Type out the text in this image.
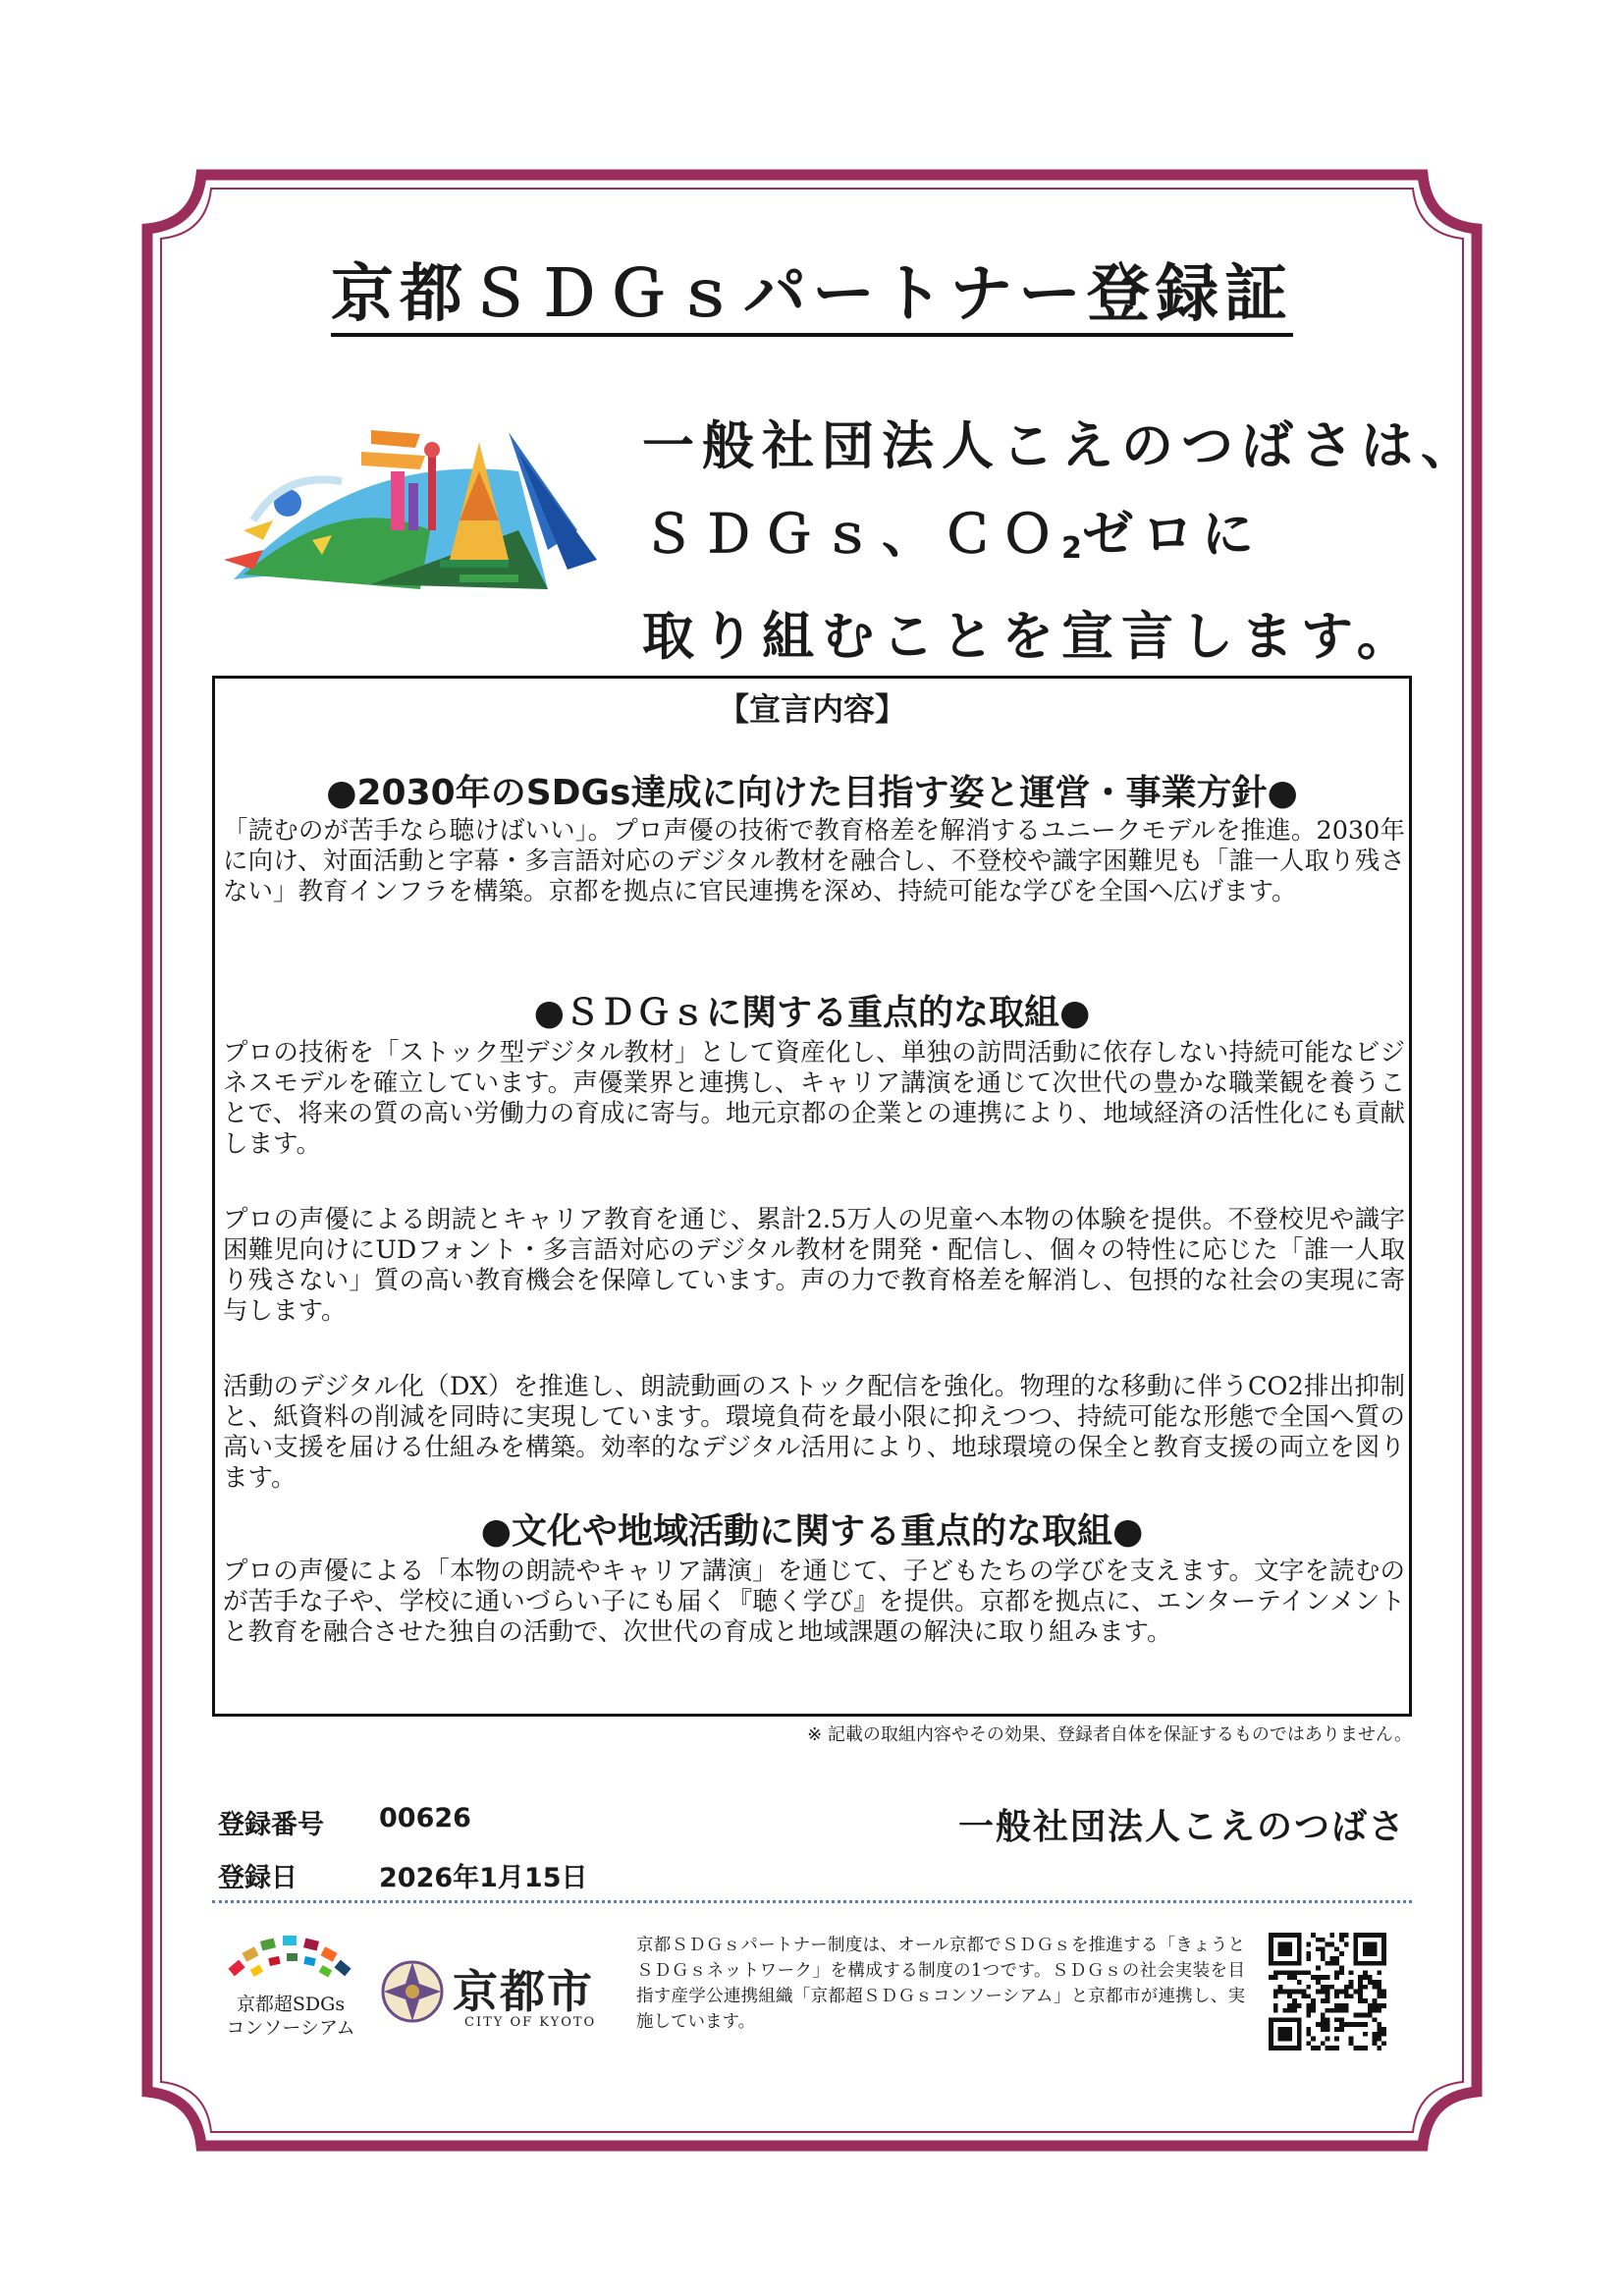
京都ＳＤＧｓパートナー登録証
一般社団法人こえのつばさは、
ＳＤＧｓ、ＣＯ$_2$ゼロに
取り組むことを宣言します。
【宣言内容】
●2030年のSDGs達成に向けた目指す姿と運営・事業方針●
「読むのが苦手なら聴けばいい」。プロ声優の技術で教育格差を解消するユニークモデルを推進。2030年に向け、対面活動と字幕・多言語対応のデジタル教材を融合し、不登校や識字困難児も「誰一人取り残さない」教育インフラを構築。京都を拠点に官民連携を深め、持続可能な学びを全国へ広げます。
●ＳＤＧｓに関する重点的な取組●
プロの技術を「ストック型デジタル教材」として資産化し、単独の訪問活動に依存しない持続可能なビジネスモデルを確立しています。声優業界と連携し、キャリア講演を通じて次世代の豊かな職業観を養うことで、将来の質の高い労働力の育成に寄与。地元京都の企業との連携により、地域経済の活性化にも貢献します。
プロの声優による朗読とキャリア教育を通じ、累計2.5万人の児童へ本物の体験を提供。不登校児や識字困難児向けにUDフォント・多言語対応のデジタル教材を開発・配信し、個々の特性に応じた「誰一人取り残さない」質の高い教育機会を保障しています。声の力で教育格差を解消し、包摂的な社会の実現に寄与します。
活動のデジタル化（DX）を推進し、朗読動画のストック配信を強化。物理的な移動に伴うCO2排出抑制と、紙資料の削減を同時に実現しています。環境負荷を最小限に抑えつつ、持続可能な形態で全国へ質の高い支援を届ける仕組みを構築。効率的なデジタル活用により、地球環境の保全と教育支援の両立を図ります。
●文化や地域活動に関する重点的な取組●
プロの声優による「本物の朗読やキャリア講演」を通じて、子どもたちの学びを支えます。文字を読むのが苦手な子や、学校に通いづらい子にも届く『聴く学び』を提供。京都を拠点に、エンターテインメントと教育を融合させた独自の活動で、次世代の育成と地域課題の解決に取り組みます。
※ 記載の取組内容やその効果、登録者自体を保証するものではありません。
登録番号 00626
登録日	2026年1月15日
一般社団法人こえのつばさ
京都超SDGs
コンソーシアム
京都市
CITY OF KYOTO
京都ＳＤＧｓパートナー制度は、オール京都でＳＤＧｓを推進する「きょうとＳＤＧｓネットワーク」を構成する制度の1つです。ＳＤＧｓの社会実装を目指す産学公連携組織「京都超ＳＤＧｓコンソーシアム」と京都市が連携し、実施しています。
